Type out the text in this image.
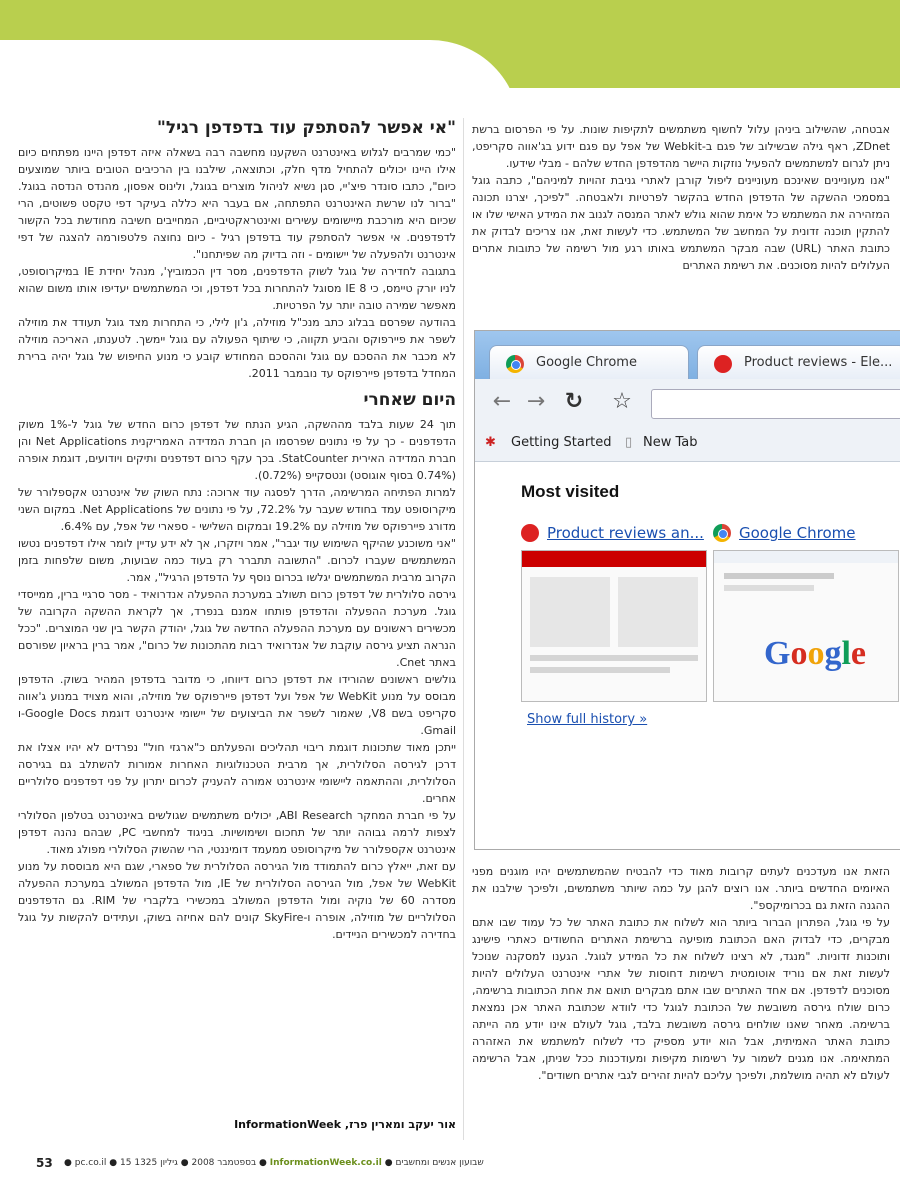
אבטחה, שהשילוב ביניהן עלול לחשוף משתמשים לתקיפות שונות. על פי הפרסום ברשת ZDnet, ראף גילה שבשילוב של פגם ב-Webkit של אפל עם פגם ידוע בג'אווה סקריפט, ניתן לגרום למשתמשים להפעיל נוזקות היישר מהדפדפן החדש שלהם - מבלי שידעו.

"אנו מעוניינים שאינכם מעוניינים ליפול קורבן לאתרי גניבת זהויות למיניהם", כתבה גוגל במסמכי ההשקה של הדפדפן החדש בהקשר לפרטיות ולאבטחה. "לפיכך, יצרנו תכונה המזהירה את המשתמש כל אימת שהוא גולש לאתר המנסה לגנוב את המידע האישי שלו או להתקין תוכנה זדונית על המחשב של המשתמש. כדי לעשות זאת, אנו צריכים לבדוק את כתובת האתר (URL) שבה מבקר המשתמש באותו רגע מול רשימה של כתובות אתרים העלולים להיות מסוכנים. את רשימת האתרים

Google Chrome	Product reviews - Ele...
← → ↻ ☆
✱ Getting Started ▯ New Tab
Most visited
Product reviews an...	Google Chrome
Google
Show full history »

הזאת אנו מעדכנים לעתים קרובות מאוד כדי להבטיח שהמשתמשים יהיו מוגנים מפני האיומים החדשים ביותר. אנו רוצים להגן על כמה שיותר משתמשים, ולפיכך שילבנו את ההגנה הזאת גם בכרומיקספ".

על פי גוגל, הפתרון הברור ביותר הוא לשלוח את כתובת האתר של כל עמוד שבו אתם מבקרים, כדי לבדוק האם הכתובת מופיעה ברשימת האתרים החשודים כאתרי פישינג ותוכנות זדוניות. "מנגד, לא רצינו לשלוח את כל המידע לגוגל. הגענו למסקנה שנוכל לעשות זאת אם נוריד אוטומטית רשימות דחוסות של אתרי אינטרנט העלולים להיות מסוכנים לדפדפן. אם אחד האתרים שבו אתם מבקרים תואם את אחת הכתובות ברשימה, כרום שולח גירסה משובשת של הכתובת לגוגל כדי לוודא שכתובת האתר אכן נמצאת ברשימה. מאחר שאנו שולחים גירסה משובשת בלבד, גוגל לעולם אינו יודע מה הייתה כתובת האתר האמיתית, אבל הוא יודע מספיק כדי לשלוח למשתמש את האזהרה המתאימה. אנו מגנים לשמור על רשימות מקיפות ומעודכנות ככל שניתן, אבל הרשימה לעולם לא תהיה מושלמת, ולפיכך עליכם להיות זהירים לגבי אתרים חשודים".

"אי אפשר להסתפק עוד בדפדפן רגיל"

"כמי שמרבים לגלוש באינטרנט השקענו מחשבה רבה בשאלה איזה דפדפן היינו מפתחים כיום אילו היינו יכולים להתחיל מדף חלק, וכתוצאה, שילבנו בין הרכיבים הטובים ביותר שמוצעים כיום", כתבו סונדר פיצ'יי, סגן נשיא לניהול מוצרים בגוגל, ולינוס אפסון, מהנדס הנדסה בגוגל. "ברור לנו שרשת האינטרנט התפתחה, אם בעבר היא כללה בעיקר דפי טקסט פשוטים, הרי שכיום היא מורכבת מיישומים עשירים ואינטראקטיביים, המחייבים חשיבה מחודשת בכל הקשור לדפדפנים. אי אפשר להסתפק עוד בדפדפן רגיל - כיום נחוצה פלטפורמה להצגה של דפי אינטרנט ולהפעלה של יישומים - וזה בדיוק מה שפיתחנו".

בתגובה לחדירה של גוגל לשוק הדפדפנים, מסר דין הכמוביץ', מנהל יחידת IE במיקרוסופט, לניו יורק טיימס, כי IE 8 מסוגל להתחרות בכל דפדפן, וכי המשתמשים יעדיפו אותו משום שהוא מאפשר שמירה טובה יותר על הפרטיות.

בהודעה שפרסם בבלוג כתב מנכ"ל מוזילה, ג'ון לילי, כי התחרות מצד גוגל תעודד את מוזילה לשפר את פיירפוקס והביע תקווה, כי שיתוף הפעולה עם גוגל יימשך. לטענתו, האריכה מוזילה לא מכבר את ההסכם עם גוגל וההסכם המחודש קובע כי מנוע החיפוש של גוגל יהיה ברירת המחדל בדפדפן פיירפוקס עד נובמבר 2011.

היום שאחרי

תוך 24 שעות בלבד מההשקה, הגיע הנתח של דפדפן כרום החדש של גוגל ל-1% משוק הדפדפנים - כך על פי נתונים שפרסמו הן חברת המדידה האמריקנית Net Applications והן חברת המדידה האירית StatCounter. בכך עקף כרום דפדפנים ותיקים ויודועים, דוגמת אופרה (0.74% בסוף אוגוסט) ונטסקייפ (0.72%).

למרות הפתיחה המרשימה, הדרך לפסגה עוד ארוכה: נתח השוק של אינטרנט אקספלורר של מיקרוסופט עמד בחודש שעבר על 72.2%, על פי נתונים של Net Applications. במקום השני מדורג פיירפוקס של מוזילה עם 19.2% ובמקום השלישי - ספארי של אפל, עם 6.4%.

"אני משוכנע שהיקף השימוש עוד יגבר", אמר ויזקרו, אך לא ידע עדיין לומר אילו דפדפנים נטשו המשתמשים שעברו לכרום. "התשובה תתברר רק בעוד כמה שבועות, משום שלפחות בזמן הקרוב מרבית המשתמשים יגלשו בכרום נוסף על הדפדפן הרגיל", אמר.

גירסה סלולרית של דפדפן כרום תשולב במערכת ההפעלה אנדרואיד - מסר סרגיי ברין, ממייסדי גוגל. מערכת ההפעלה והדפדפן פותחו אמנם בנפרד, אך לקראת ההשקה הקרובה של מכשירים ראשונים עם מערכת ההפעלה החדשה של גוגל, יהודק הקשר בין שני המוצרים. "ככל הנראה תציע גירסה עוקבת של אנדרואיד רבות מהתכונות של כרום", אמר ברין בראיון שפורסם באתר Cnet.

גולשים ראשונים שהורידו את דפדפן כרום דיווחו, כי מדובר בדפדפן המהיר בשוק. הדפדפן מבוסס על מנוע WebKit של אפל ועל דפדפן פיירפוקס של מוזילה, והוא מצויד במנוע ג'אווה סקריפט בשם V8, שאמור לשפר את הביצועים של יישומי אינטרנט דוגמת Google Docs-ו Gmail.

ייתכן מאוד שתכונות דוגמת ריבוי תהליכים והפעלתם כ"ארגזי חול" נפרדים לא יהיו אצלו את דרכן לגירסה הסלולרית, אך מרבית הטכנולוגיות האחרות אמורות להשתלב גם בגירסה הסלולרית, וההתאמה ליישומי אינטרנט אמורה להעניק לכרום יתרון על פני דפדפנים סלולריים אחרים.

על פי חברת המחקר ABI Research, יכולים משתמשים שגולשים באינטרנט בטלפון הסלולרי לצפות לרמה גבוהה יותר של תחכום ושימושיות. בניגוד למחשבי PC, שבהם נהנה דפדפן אינטרנט אקספלורר של מיקרוסופט ממעמד דומיננטי, הרי שהשוק הסלולרי מפולג מאוד.

עם זאת, ייאלץ כרום להתמודד מול הגירסה הסלולרית של ספארי, שגם היא מבוססת על מנוע WebKit של אפל, מול הגירסה הסלולרית של IE, מול הדפדפן המשולב במערכת ההפעלה מסדרה 60 של נוקיה ומול הדפדפן המשולב במכשירי בלקברי של RIM. גם הדפדפנים הסלולריים של מוזילה, אופרה ו-SkyFire קונים להם אחיזה בשוק, ועתידים להקשות על גוגל בחדירה למכשירים הניידים.

אור יעקב ומארין פרז, InformationWeek
53 ● pc.co.il ● 15 בספטמבר 2008 ● גיליון 1325	● InformationWeek.co.il ● שבועון אנשים ומחשבים
